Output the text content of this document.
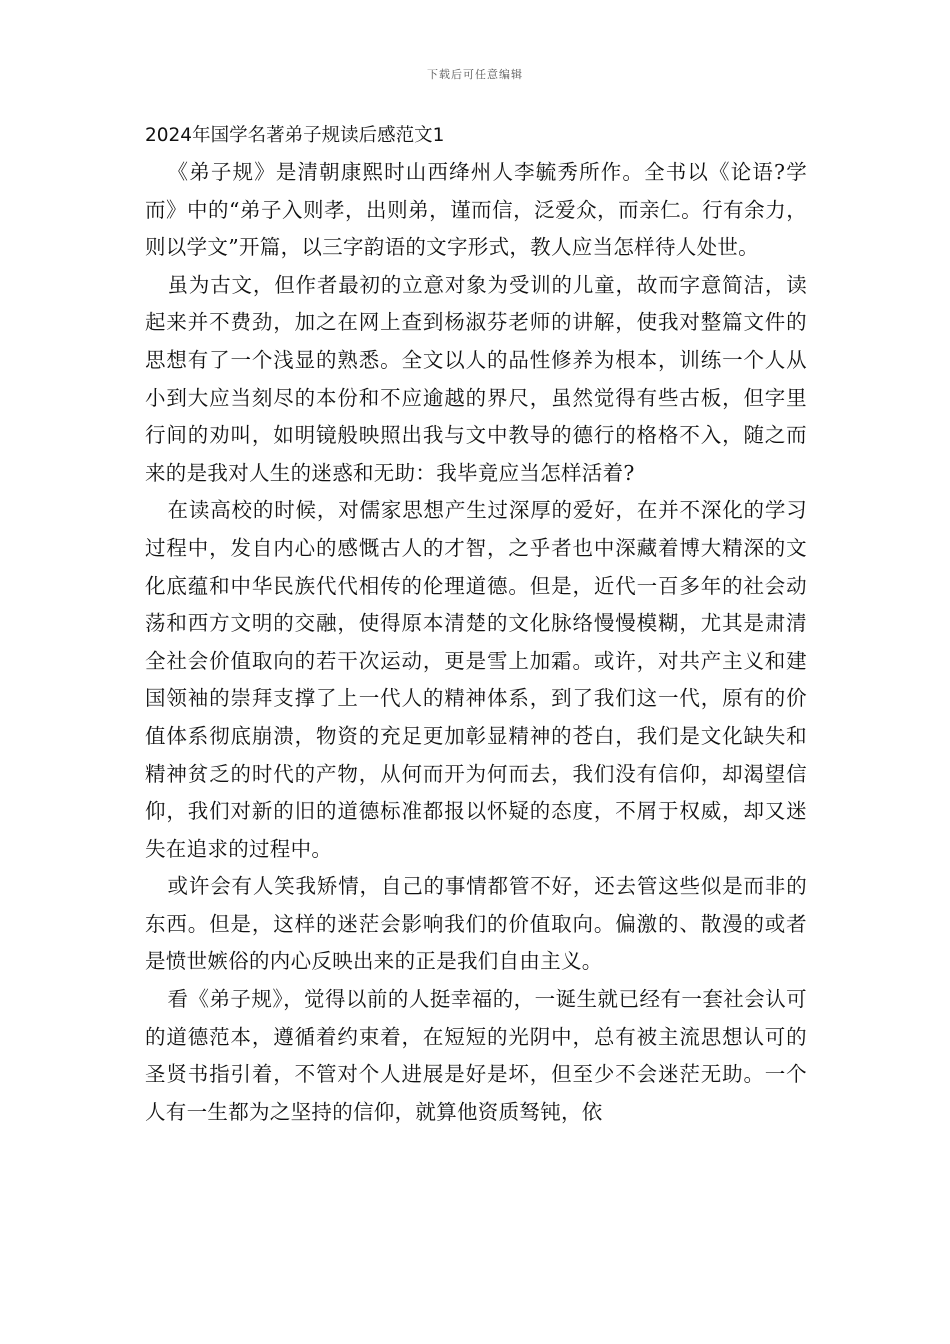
下载后可任意编辑
2024年国学名著弟子规读后感范文1

《弟子规》是清朝康熙时山西绛州人李毓秀所作。全书以《论语?学而》中的“弟子入则孝，出则弟，谨而信，泛爱众，而亲仁。行有余力，则以学文”开篇，以三字韵语的文字形式，教人应当怎样待人处世。

虽为古文，但作者最初的立意对象为受训的儿童，故而字意简洁，读起来并不费劲，加之在网上查到杨淑芬老师的讲解，使我对整篇文件的思想有了一个浅显的熟悉。全文以人的品性修养为根本，训练一个人从小到大应当刻尽的本份和不应逾越的界尺，虽然觉得有些古板，但字里行间的劝叫，如明镜般映照出我与文中教导的德行的格格不入，随之而来的是我对人生的迷惑和无助：我毕竟应当怎样活着?

在读高校的时候，对儒家思想产生过深厚的爱好，在并不深化的学习过程中，发自内心的感慨古人的才智，之乎者也中深藏着博大精深的文化底蕴和中华民族代代相传的伦理道德。但是，近代一百多年的社会动荡和西方文明的交融，使得原本清楚的文化脉络慢慢模糊，尤其是肃清全社会价值取向的若干次运动，更是雪上加霜。或许，对共产主义和建国领袖的崇拜支撑了上一代人的精神体系，到了我们这一代，原有的价值体系彻底崩溃，物资的充足更加彰显精神的苍白，我们是文化缺失和精神贫乏的时代的产物，从何而开为何而去，我们没有信仰，却渴望信仰，我们对新的旧的道德标准都报以怀疑的态度，不屑于权威，却又迷失在追求的过程中。

或许会有人笑我矫情，自己的事情都管不好，还去管这些似是而非的东西。但是，这样的迷茫会影响我们的价值取向。偏激的、散漫的或者是愤世嫉俗的内心反映出来的正是我们自由主义。

看《弟子规》，觉得以前的人挺幸福的，一诞生就已经有一套社会认可的道德范本，遵循着约束着，在短短的光阴中，总有被主流思想认可的圣贤书指引着，不管对个人进展是好是坏，但至少不会迷茫无助。一个人有一生都为之坚持的信仰，就算他资质驽钝，依
